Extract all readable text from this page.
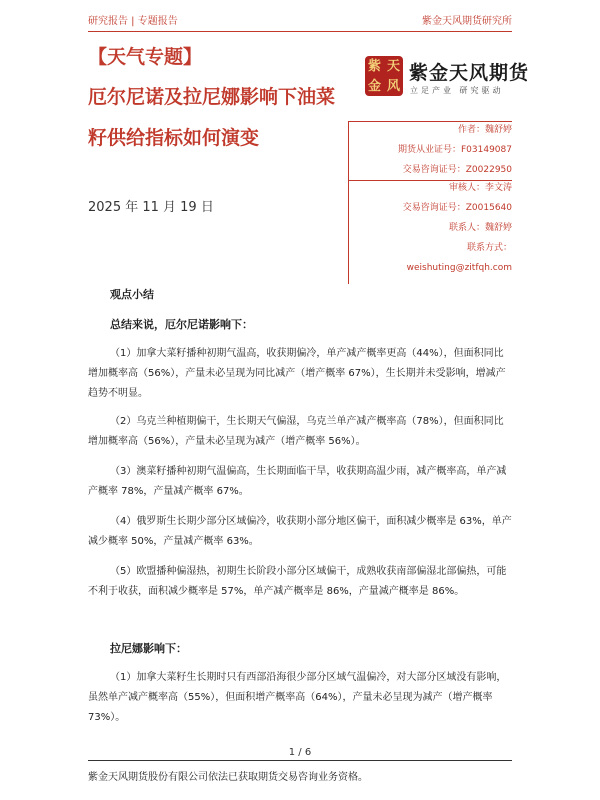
研究报告 | 专题报告	紫金天风期货研究所
【天气专题】
厄尔尼诺及拉尼娜影响下油菜
籽供给指标如何演变
紫 天
金 风
紫金天风期货
立足产业 研究驱动
作者：魏舒婷
期货从业证号：F03149087
交易咨询证号：Z0022950
审核人：李文涛
交易咨询证号：Z0015640
联系人：魏舒婷
联系方式：
weishuting@zitfqh.com
2025 年 11 月 19 日
观点小结
总结来说，厄尔尼诺影响下：
（1）加拿大菜籽播种初期气温高，收获期偏冷，单产减产概率更高（44%），但面积同比增加概率高（56%），产量未必呈现为同比减产（增产概率 67%），生长期并未受影响，增减产趋势不明显。
（2）乌克兰种植期偏干，生长期天气偏湿，乌克兰单产减产概率高（78%），但面积同比增加概率高（56%），产量未必呈现为减产（增产概率 56%）。
（3）澳菜籽播种初期气温偏高，生长期面临干旱，收获期高温少雨，减产概率高，单产减产概率 78%，产量减产概率 67%。
（4）俄罗斯生长期少部分区域偏冷，收获期小部分地区偏干，面积减少概率是 63%，单产减少概率 50%，产量减产概率 63%。
（5）欧盟播种偏湿热，初期生长阶段小部分区域偏干，成熟收获南部偏湿北部偏热，可能不利于收获，面积减少概率是 57%，单产减产概率是 86%，产量减产概率是 86%。
拉尼娜影响下：
（1）加拿大菜籽生长期时只有西部沿海很少部分区域气温偏冷，对大部分区域没有影响，虽然单产减产概率高（55%），但面积增产概率高（64%），产量未必呈现为减产（增产概率 73%）。
1 / 6
紫金天风期货股份有限公司依法已获取期货交易咨询业务资格。
